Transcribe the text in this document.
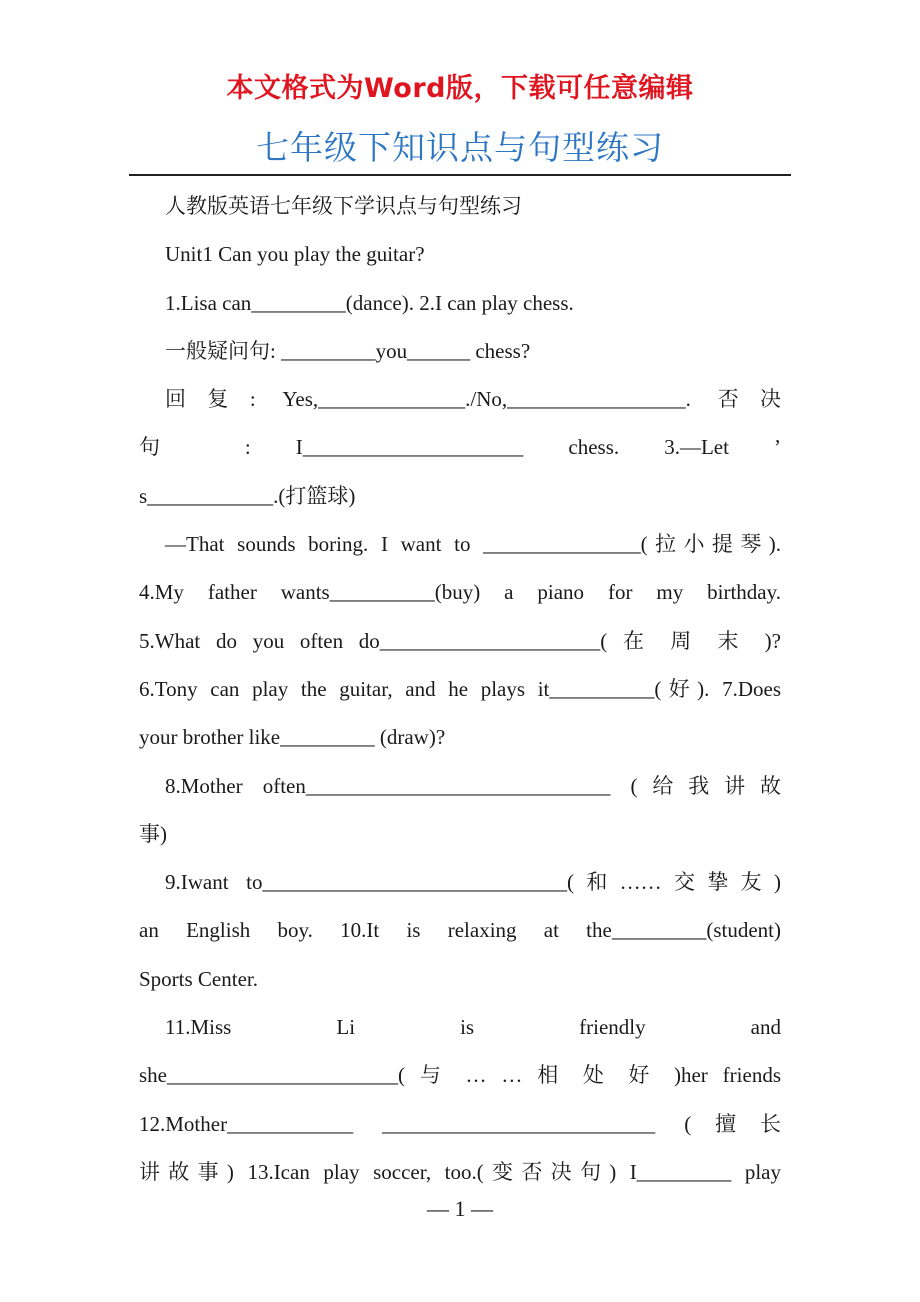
本文格式为Word版，下载可任意编辑
七年级下知识点与句型练习

人教版英语七年级下学识点与句型练习

Unit1 Can you play the guitar?

1.Lisa can_________(dance). 2.I can play chess.

一般疑问句: _________you______ chess?

回复: Yes,______________./No,_________________. 否决

句 : I_____________________ chess. 3.—Let ’

s____________.(打篮球)

—That sounds boring. I want to _______________(拉小提琴).

4.My father wants__________(buy) a piano for my birthday.

5.What do you often do_____________________( 在 周 末 )?

6.Tony can play the guitar, and he plays it__________(好). 7.Does

your brother like_________ (draw)?

8.Mother often_____________________________ (给我讲故

事)

9.Iwant to_____________________________(和……交挚友)

an English boy. 10.It is relaxing at the_________(student)

Sports Center.

11.Miss Li is friendly and

she______________________( 与 … … 相 处 好 )her friends

12.Mother____________ __________________________ (擅长

讲故事) 13.Ican play soccer, too.(变否决句) I_________ play

— 1 —
